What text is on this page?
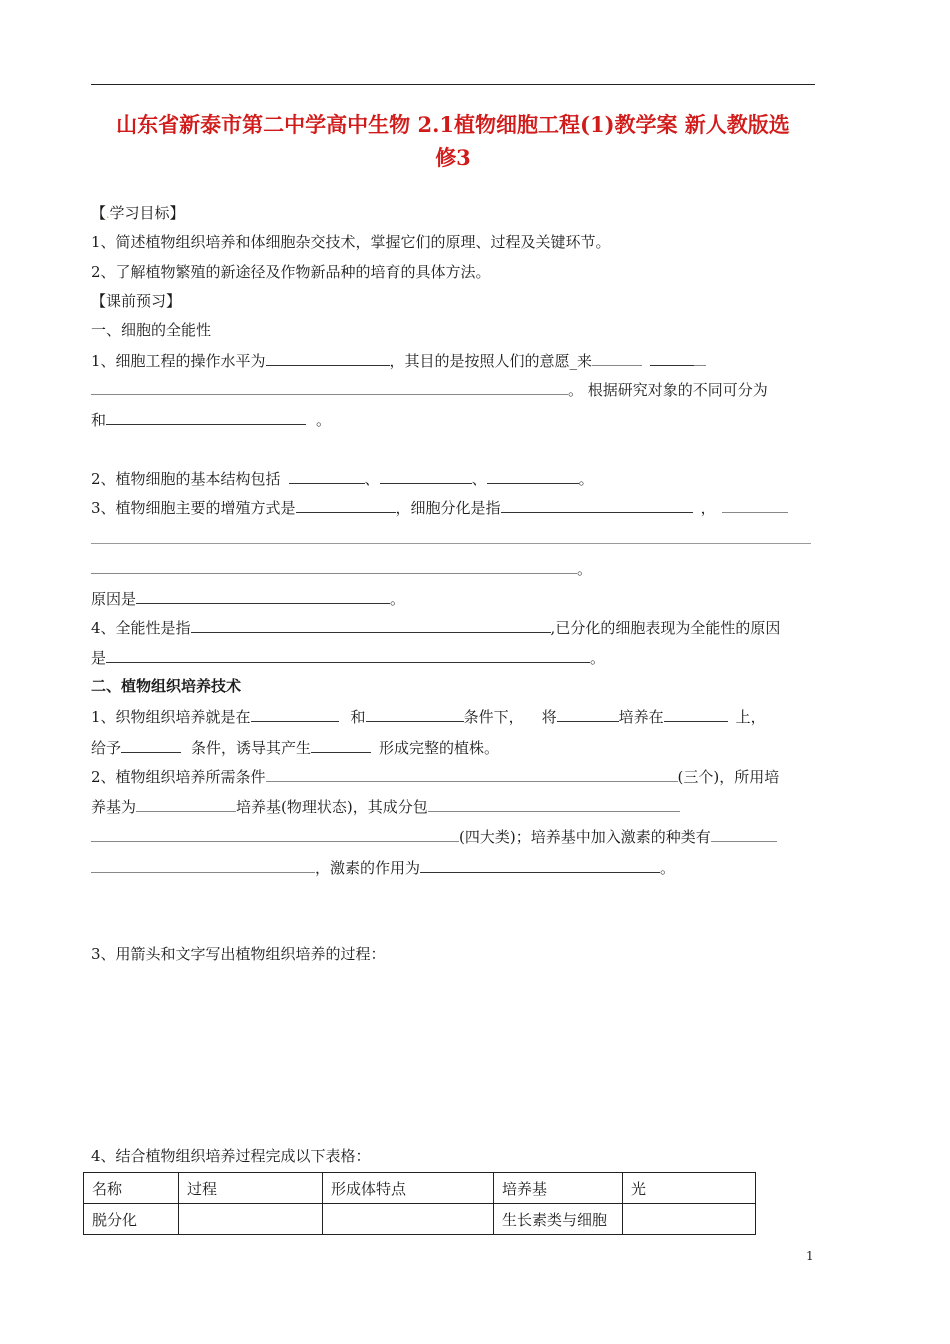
山东省新泰市第二中学高中生物 2.1植物细胞工程(1)教学案 新人教版选
修3
【.学习目标】
1、简述植物组织培养和体细胞杂交技术，掌握它们的原理、过程及关键环节。
2、了解植物繁殖的新途径及作物新品种的培育的具体方法。
【课前预习】
一、细胞的全能性
1、细胞工程的操作水平为	，其目的是按照人们的意愿_来
。 根据研究对象的不同可分为
和	。
2、植物细胞的基本结构包括	、	、	。
3、植物细胞主要的增殖方式是	，细胞分化是指	，
。
原因是	。
4、全能性是指	,已分化的细胞表现为全能性的原因
是	。
二、植物组织培养技术
1、织物组织培养就是在	和	条件下， 将	培养在	上，
给予	条件，诱导其产生	形成完整的植株。
2、植物组织培养所需条件	(三个)，所用培
养基为	培养基(物理状态)，其成分包
(四大类)；培养基中加入激素的种类有
，激素的作用为	。
3、用箭头和文字写出植物组织培养的过程：
4、结合植物组织培养过程完成以下表格：
名称	过程	形成体特点	培养基	光
脱分化			生长素类与细胞	
1
